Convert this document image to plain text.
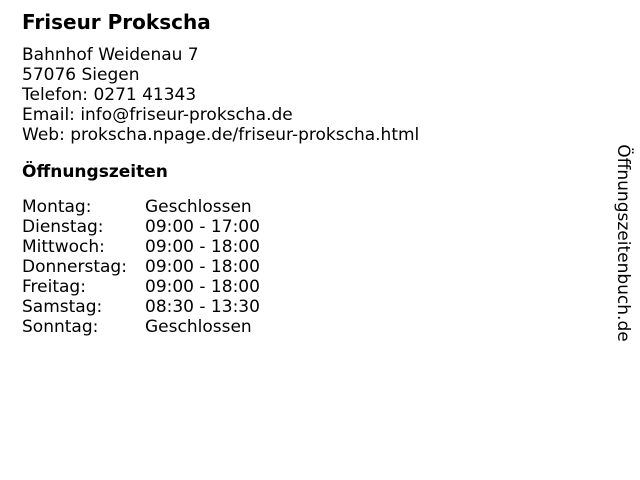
Friseur Prokscha
Bahnhof Weidenau 7
57076 Siegen
Telefon: 0271 41343
Email: info@friseur-prokscha.de
Web: prokscha.npage.de/friseur-prokscha.html
Öffnungszeiten
Montag:	Geschlossen
Dienstag:	09:00 - 17:00
Mittwoch:	09:00 - 18:00
Donnerstag:	09:00 - 18:00
Freitag:	09:00 - 18:00
Samstag:	08:30 - 13:30
Sonntag:	Geschlossen	Öffnungszeitenbuch.de
